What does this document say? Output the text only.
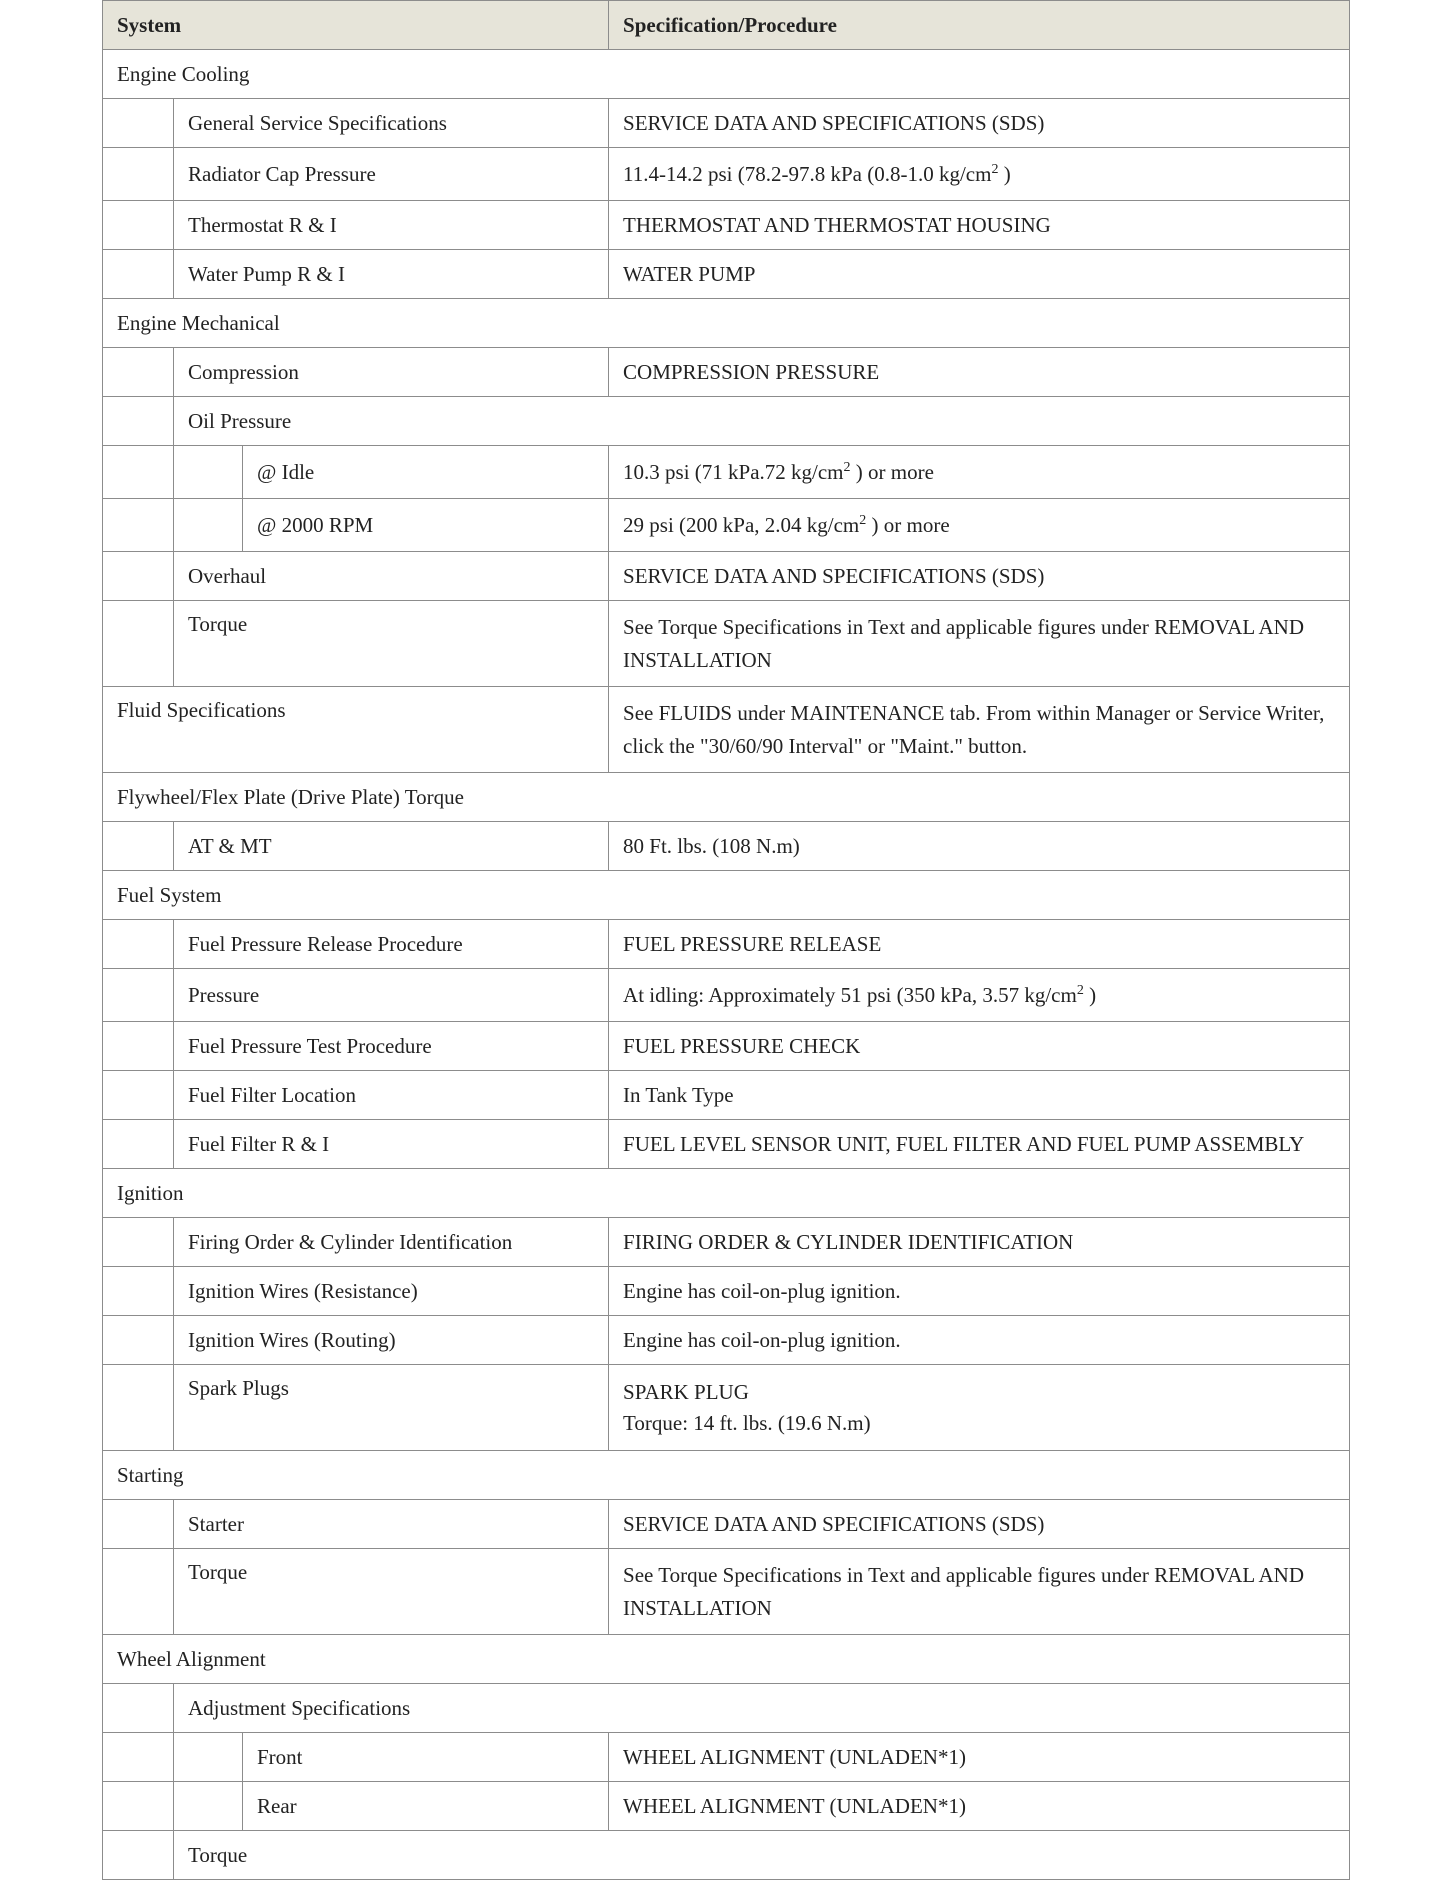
System			Specification/Procedure
Engine Cooling			
	General Service Specifications		SERVICE DATA AND SPECIFICATIONS (SDS)
	Radiator Cap Pressure		11.4-14.2 psi (78.2-97.8 kPa (0.8-1.0 $kg/cm^2$ )
	Thermostat R & I		THERMOSTAT AND THERMOSTAT HOUSING
	Water Pump R & I		WATER PUMP
Engine Mechanical			
	Compression		COMPRESSION PRESSURE
	Oil Pressure		
		@ Idle	10.3 psi (71 kPa.72 $kg/cm^2$ ) or more
		@ 2000 RPM	29 psi (200 kPa, 2.04 $kg/cm^2$ ) or more
	Overhaul		SERVICE DATA AND SPECIFICATIONS (SDS)
	Torque		See Torque Specifications in Text and applicable figures under REMOVAL AND INSTALLATION
Fluid Specifications			See FLUIDS under MAINTENANCE tab. From within Manager or Service Writer, click the "30/60/90 Interval" or "Maint." button.
Flywheel/Flex Plate (Drive Plate) Torque			
	AT & MT		80 Ft. lbs. (108 N.m)
Fuel System			
	Fuel Pressure Release Procedure		FUEL PRESSURE RELEASE
	Pressure		At idling: Approximately 51 psi (350 kPa, 3.57 $kg/cm^2$ )
	Fuel Pressure Test Procedure		FUEL PRESSURE CHECK
	Fuel Filter Location		In Tank Type
	Fuel Filter R & I		FUEL LEVEL SENSOR UNIT, FUEL FILTER AND FUEL PUMP ASSEMBLY
Ignition			
	Firing Order & Cylinder Identification		FIRING ORDER & CYLINDER IDENTIFICATION
	Ignition Wires (Resistance)		Engine has coil-on-plug ignition.
	Ignition Wires (Routing)		Engine has coil-on-plug ignition.
	Spark Plugs		SPARK PLUG
Torque: 14 ft. lbs. (19.6 N.m)

Starting			
	Starter		SERVICE DATA AND SPECIFICATIONS (SDS)
	Torque		See Torque Specifications in Text and applicable figures under REMOVAL AND INSTALLATION
Wheel Alignment			
	Adjustment Specifications		
		Front	WHEEL ALIGNMENT (UNLADEN*1)
		Rear	WHEEL ALIGNMENT (UNLADEN*1)
	Torque		
